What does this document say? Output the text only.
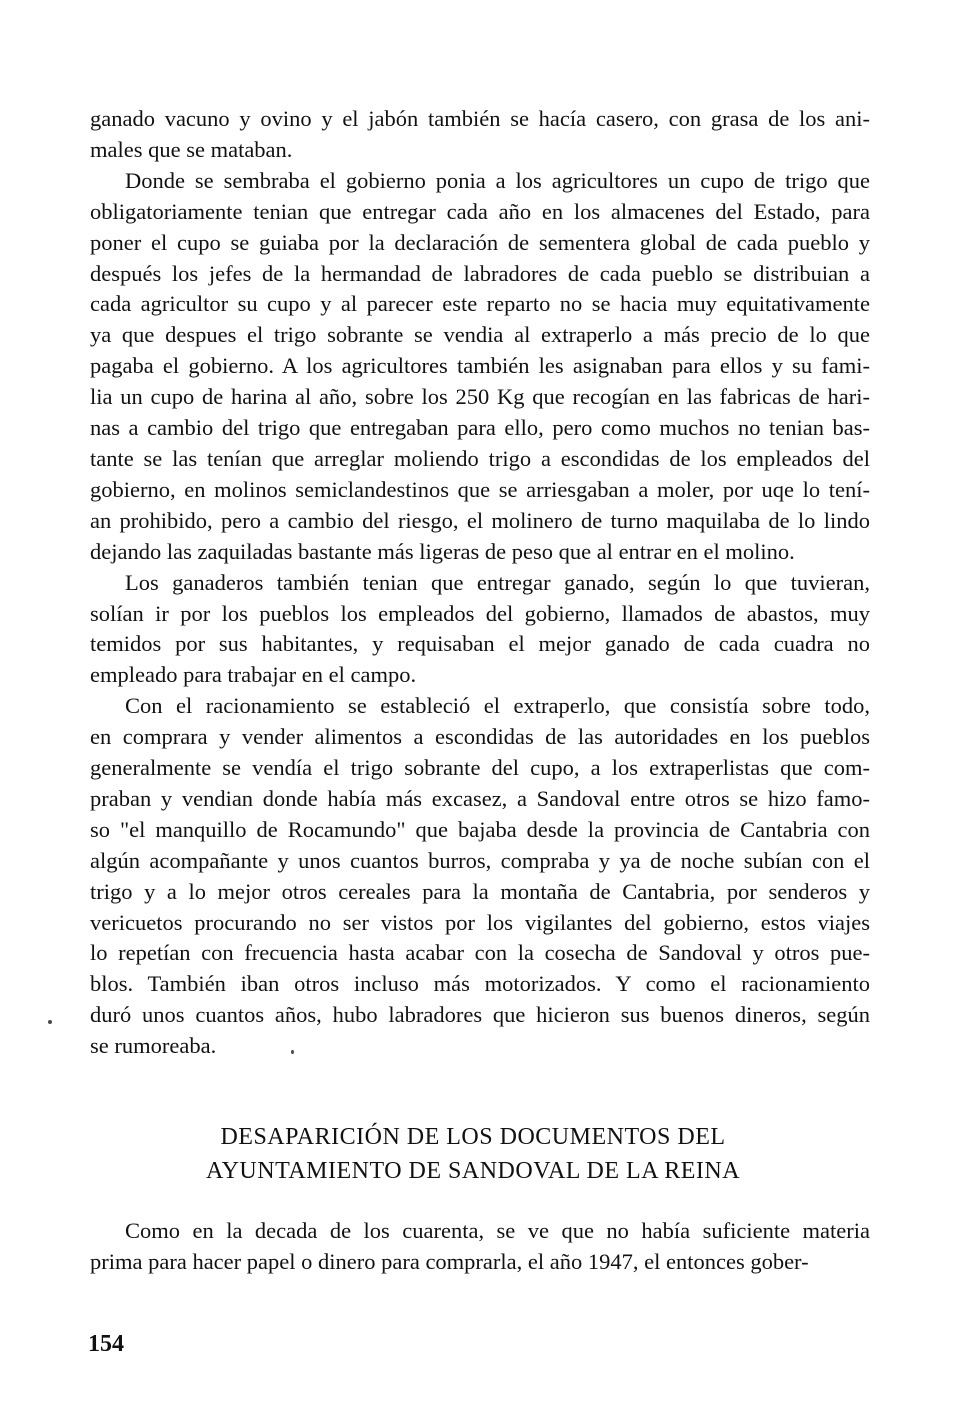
ganado vacuno y ovino y el jabón también se hacía casero, con grasa de los ani-
males que se mataban.
Donde se sembraba el gobierno ponia a los agricultores un cupo de trigo que
obligatoriamente tenian que entregar cada año en los almacenes del Estado, para
poner el cupo se guiaba por la declaración de sementera global de cada pueblo y
después los jefes de la hermandad de labradores de cada pueblo se distribuian a
cada agricultor su cupo y al parecer este reparto no se hacia muy equitativamente
ya que despues el trigo sobrante se vendia al extraperlo a más precio de lo que
pagaba el gobierno. A los agricultores también les asignaban para ellos y su fami-
lia un cupo de harina al año, sobre los 250 Kg que recogían en las fabricas de hari-
nas a cambio del trigo que entregaban para ello, pero como muchos no tenian bas-
tante se las tenían que arreglar moliendo trigo a escondidas de los empleados del
gobierno, en molinos semiclandestinos que se arriesgaban a moler, por uqe lo tení-
an prohibido, pero a cambio del riesgo, el molinero de turno maquilaba de lo lindo
dejando las zaquiladas bastante más ligeras de peso que al entrar en el molino.
Los ganaderos también tenian que entregar ganado, según lo que tuvieran,
solían ir por los pueblos los empleados del gobierno, llamados de abastos, muy
temidos por sus habitantes, y requisaban el mejor ganado de cada cuadra no
empleado para trabajar en el campo.
Con el racionamiento se estableció el extraperlo, que consistía sobre todo,
en comprara y vender alimentos a escondidas de las autoridades en los pueblos
generalmente se vendía el trigo sobrante del cupo, a los extraperlistas que com-
praban y vendian donde había más excasez, a Sandoval entre otros se hizo famo-
so "el manquillo de Rocamundo" que bajaba desde la provincia de Cantabria con
algún acompañante y unos cuantos burros, compraba y ya de noche subían con el
trigo y a lo mejor otros cereales para la montaña de Cantabria, por senderos y
vericuetos procurando no ser vistos por los vigilantes del gobierno, estos viajes
lo repetían con frecuencia hasta acabar con la cosecha de Sandoval y otros pue-
blos. También iban otros incluso más motorizados. Y como el racionamiento
duró unos cuantos años, hubo labradores que hicieron sus buenos dineros, según
se rumoreaba.
DESAPARICIÓN DE LOS DOCUMENTOS DEL
AYUNTAMIENTO DE SANDOVAL DE LA REINA
Como en la decada de los cuarenta, se ve que no había suficiente materia
prima para hacer papel o dinero para comprarla, el año 1947, el entonces gober-
154
